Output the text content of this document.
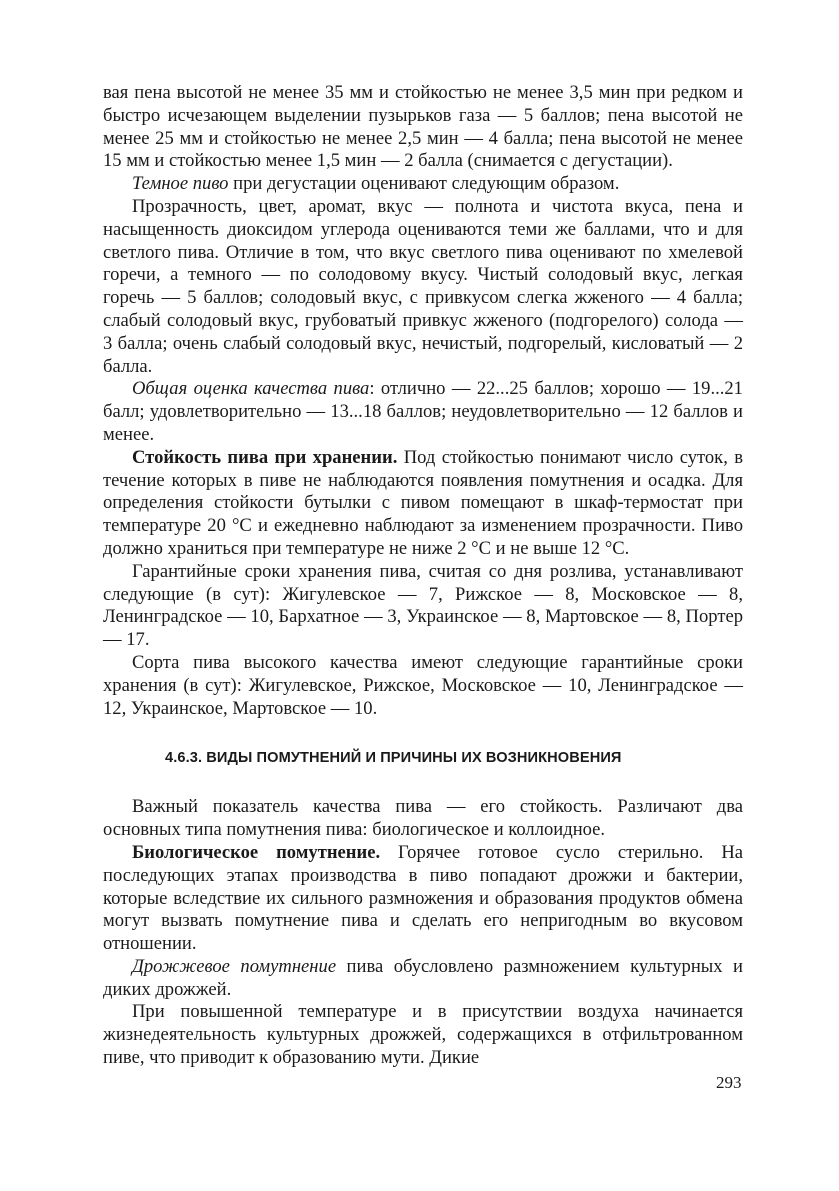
вая пена высотой не менее 35 мм и стойкостью не менее 3,5 мин при редком и быстро исчезающем выделении пузырьков газа — 5 баллов; пена высотой не менее 25 мм и стойкостью не менее 2,5 мин — 4 балла; пена высотой не менее 15 мм и стойкостью менее 1,5 мин — 2 балла (снимается с дегустации).

Темное пиво при дегустации оценивают следующим образом.

Прозрачность, цвет, аромат, вкус — полнота и чистота вкуса, пена и насыщенность диоксидом углерода оцениваются теми же баллами, что и для светлого пива. Отличие в том, что вкус светлого пива оценивают по хмелевой горечи, а темного — по солодовому вкусу. Чистый солодовый вкус, легкая горечь — 5 баллов; солодовый вкус, с привкусом слегка жженого — 4 балла; слабый солодовый вкус, грубоватый привкус жженого (подгорелого) солода — 3 балла; очень слабый солодовый вкус, нечистый, подгорелый, кисловатый — 2 балла.

Общая оценка качества пива: отлично — 22...25 баллов; хорошо — 19...21 балл; удовлетворительно — 13...18 баллов; неудовлетворительно — 12 баллов и менее.

Стойкость пива при хранении. Под стойкостью понимают число суток, в течение которых в пиве не наблюдаются появления помутнения и осадка. Для определения стойкости бутылки с пивом помещают в шкаф-термостат при температуре 20 °С и ежедневно наблюдают за изменением прозрачности. Пиво должно храниться при температуре не ниже 2 °С и не выше 12 °С.

Гарантийные сроки хранения пива, считая со дня розлива, устанавливают следующие (в сут): Жигулевское — 7, Рижское — 8, Московское — 8, Ленинградское — 10, Бархатное — 3, Украинское — 8, Мартовское — 8, Портер — 17.

Сорта пива высокого качества имеют следующие гарантийные сроки хранения (в сут): Жигулевское, Рижское, Московское — 10, Ленинградское — 12, Украинское, Мартовское — 10.

4.6.3. ВИДЫ ПОМУТНЕНИЙ И ПРИЧИНЫ ИХ ВОЗНИКНОВЕНИЯ

Важный показатель качества пива — его стойкость. Различают два основных типа помутнения пива: биологическое и коллоидное.

Биологическое помутнение. Горячее готовое сусло стерильно. На последующих этапах производства в пиво попадают дрожжи и бактерии, которые вследствие их сильного размножения и образования продуктов обмена могут вызвать помутнение пива и сделать его непригодным во вкусовом отношении.

Дрожжевое помутнение пива обусловлено размножением культурных и диких дрожжей.

При повышенной температуре и в присутствии воздуха начинается жизнедеятельность культурных дрожжей, содержащихся в отфильтрованном пиве, что приводит к образованию мути. Дикие

293
